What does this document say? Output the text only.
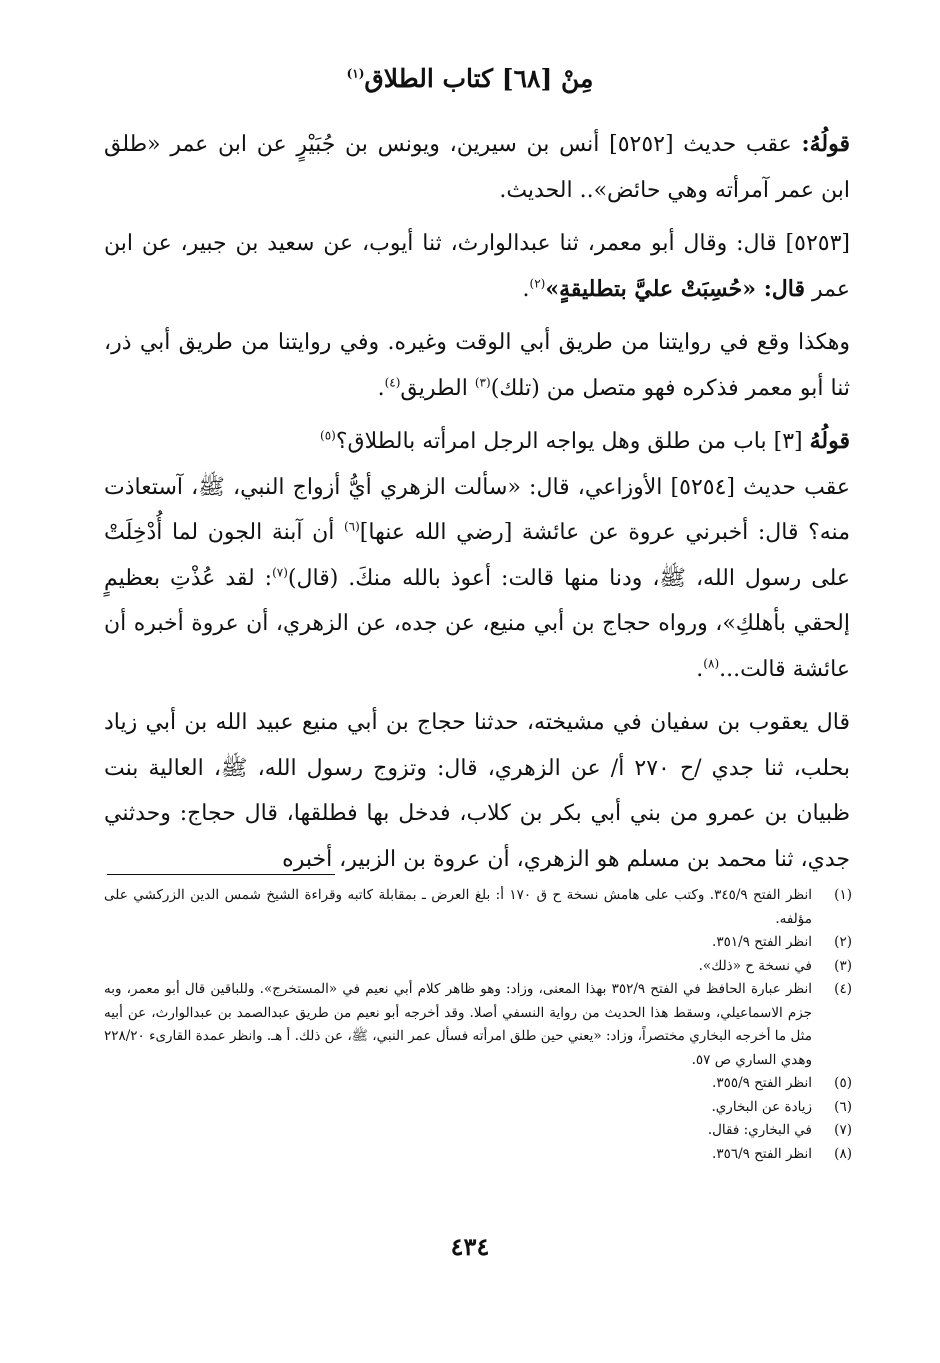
مِنْ [٦٨] كتاب الطلاق$^{(١)}$

قولُهُ: عقب حديث [٥٢٥٢] أنس بن سيرين، ويونس بن جُبَيْرٍ عن ابن عمر «طلق ابن عمر آمرأته وهي حائض».. الحديث.

[٥٢٥٣] قال: وقال أبو معمر، ثنا عبدالوارث، ثنا أيوب، عن سعيد بن جبير، عن ابن عمر قال: «حُسِبَتْ عليَّ بتطليقةٍ»$^{(٢)}$.

وهكذا وقع في روايتنا من طريق أبي الوقت وغيره. وفي روايتنا من طريق أبي ذر، ثنا أبو معمر فذكره فهو متصل من (تلك)$^{(٣)}$ الطريق$^{(٤)}$.

قولُهُ [٣] باب من طلق وهل يواجه الرجل امرأته بالطلاق؟$^{(٥)}$

عقب حديث [٥٢٥٤] الأوزاعي، قال: «سألت الزهري أيُّ أزواج النبي، ﷺ، آستعاذت منه؟ قال: أخبرني عروة عن عائشة [رضي الله عنها]$^{(٦)}$ أن آبنة الجون لما أُدْخِلَتْ على رسول الله، ﷺ، ودنا منها قالت: أعوذ بالله منكَ. (قال)$^{(٧)}$: لقد عُذْتِ بعظيمٍ إلحقي بأهلكِ»، ورواه حجاج بن أبي منيع، عن جده، عن الزهري، أن عروة أخبره أن عائشة قالت...$^{(٨)}$.

قال يعقوب بن سفيان في مشيخته، حدثنا حجاج بن أبي منيع عبيد الله بن أبي زياد بحلب، ثنا جدي /ح ٢٧٠ أ/ عن الزهري، قال: وتزوج رسول الله، ﷺ، العالية بنت ظبيان بن عمرو من بني أبي بكر بن كلاب، فدخل بها فطلقها، قال حجاج: وحدثني جدي، ثنا محمد بن مسلم هو الزهري، أن عروة بن الزبير، أخبره

(١)
انظر الفتح ٣٤٥/٩. وكتب على هامش نسخة ح ق ١٧٠ أ: بلغ العرض ـ بمقابلة كاتبه وقراءة الشيخ شمس الدين الزركشي على مؤلفه.
(٢)
انظر الفتح ٣٥١/٩.
(٣)
في نسخة ح «ذلك».
(٤)
انظر عبارة الحافظ في الفتح ٣٥٢/٩ بهذا المعنى، وزاد: وهو ظاهر كلام أبي نعيم في «المستخرج». وللباقين قال أبو معمر، وبه جزم الاسماعيلي، وسقط هذا الحديث من رواية النسفي أصلا. وقد أخرجه أبو نعيم من طريق عبدالصمد بن عبدالوارث، عن أبيه مثل ما أخرجه البخاري مختصراً، وزاد: «يعني حين طلق امرأته فسأل عمر النبي، ﷺ، عن ذلك. أ هـ. وانظر عمدة القارىء ٢٢٨/٢٠ وهدي الساري ص ٥٧.
(٥)
انظر الفتح ٣٥٥/٩.
(٦)
زيادة عن البخاري.
(٧)
في البخاري: فقال.
(٨)
انظر الفتح ٣٥٦/٩.
٤٣٤
